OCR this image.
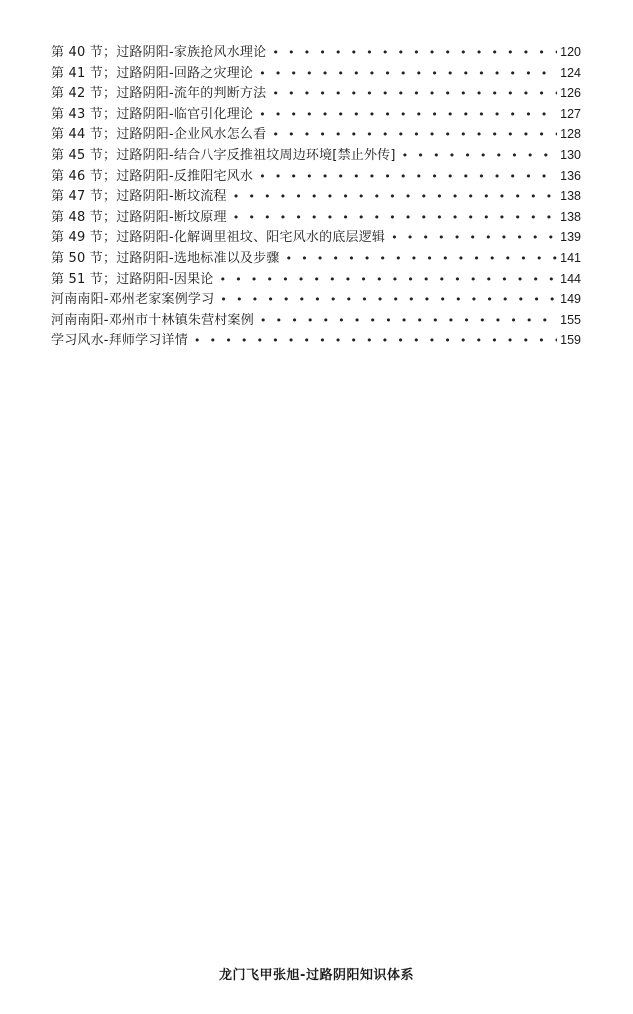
第 40 节；过路阴阳-家族抢风水理论 • • •	120
第 41 节；过路阴阳-回路之灾理论 • • •	124
第 42 节；过路阴阳-流年的判断方法 • • •	126
第 43 节；过路阴阳-临官引化理论 • • •	127
第 44 节；过路阴阳-企业风水怎么看 • • •	128
第 45 节；过路阴阳-结合八字反推祖坟周边环境[禁止外传] • • •	130
第 46 节；过路阴阳-反推阳宅风水 • • •	136
第 47 节；过路阴阳-断坟流程 • • •	138
第 48 节；过路阴阳-断坟原理 • • •	138
第 49 节；过路阴阳-化解调里祖坟、阳宅风水的底层逻辑 • • •	139
第 50 节；过路阴阳-选地标准以及步骤 • • •	141
第 51 节；过路阴阳-因果论 • • •	144
河南南阳-邓州老家案例学习 • • •	149
河南南阳-邓州市十林镇朱营村案例 • • •	155
学习风水-拜师学习详情 • • •	159
龙门飞甲张旭-过路阴阳知识体系
